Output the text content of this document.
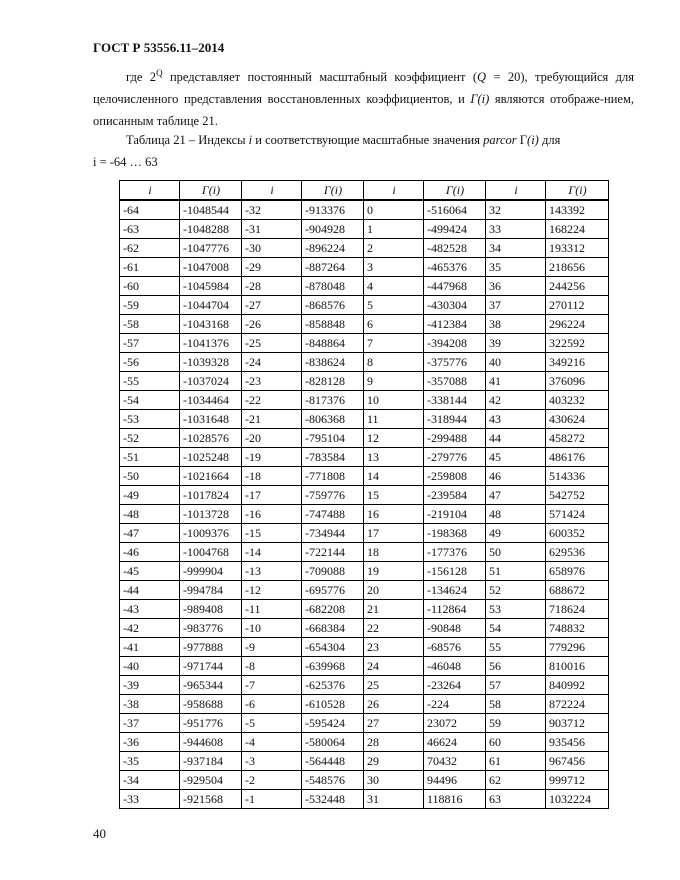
ГОСТ Р 53556.11–2014
где $2^Q$ представляет постоянный масштабный коэффициент (Q = 20), требующийся для целочисленного представления восстановленных коэффициентов, и Γ(i) являются отображе-нием, описанным таблице 21.
Таблица 21 – Индексы i и соответствующие масштабные значения parcor Γ(i) для
i = -64 … 63
i	Γ(i)	i	Γ(i)	i	Γ(i)	i	Γ(i)
-64	-1048544	-32	-913376	0	-516064	32	143392
-63	-1048288	-31	-904928	1	-499424	33	168224
-62	-1047776	-30	-896224	2	-482528	34	193312
-61	-1047008	-29	-887264	3	-465376	35	218656
-60	-1045984	-28	-878048	4	-447968	36	244256
-59	-1044704	-27	-868576	5	-430304	37	270112
-58	-1043168	-26	-858848	6	-412384	38	296224
-57	-1041376	-25	-848864	7	-394208	39	322592
-56	-1039328	-24	-838624	8	-375776	40	349216
-55	-1037024	-23	-828128	9	-357088	41	376096
-54	-1034464	-22	-817376	10	-338144	42	403232
-53	-1031648	-21	-806368	11	-318944	43	430624
-52	-1028576	-20	-795104	12	-299488	44	458272
-51	-1025248	-19	-783584	13	-279776	45	486176
-50	-1021664	-18	-771808	14	-259808	46	514336
-49	-1017824	-17	-759776	15	-239584	47	542752
-48	-1013728	-16	-747488	16	-219104	48	571424
-47	-1009376	-15	-734944	17	-198368	49	600352
-46	-1004768	-14	-722144	18	-177376	50	629536
-45	-999904	-13	-709088	19	-156128	51	658976
-44	-994784	-12	-695776	20	-134624	52	688672
-43	-989408	-11	-682208	21	-112864	53	718624
-42	-983776	-10	-668384	22	-90848	54	748832
-41	-977888	-9	-654304	23	-68576	55	779296
-40	-971744	-8	-639968	24	-46048	56	810016
-39	-965344	-7	-625376	25	-23264	57	840992
-38	-958688	-6	-610528	26	-224	58	872224
-37	-951776	-5	-595424	27	23072	59	903712
-36	-944608	-4	-580064	28	46624	60	935456
-35	-937184	-3	-564448	29	70432	61	967456
-34	-929504	-2	-548576	30	94496	62	999712
-33	-921568	-1	-532448	31	118816	63	1032224
40
